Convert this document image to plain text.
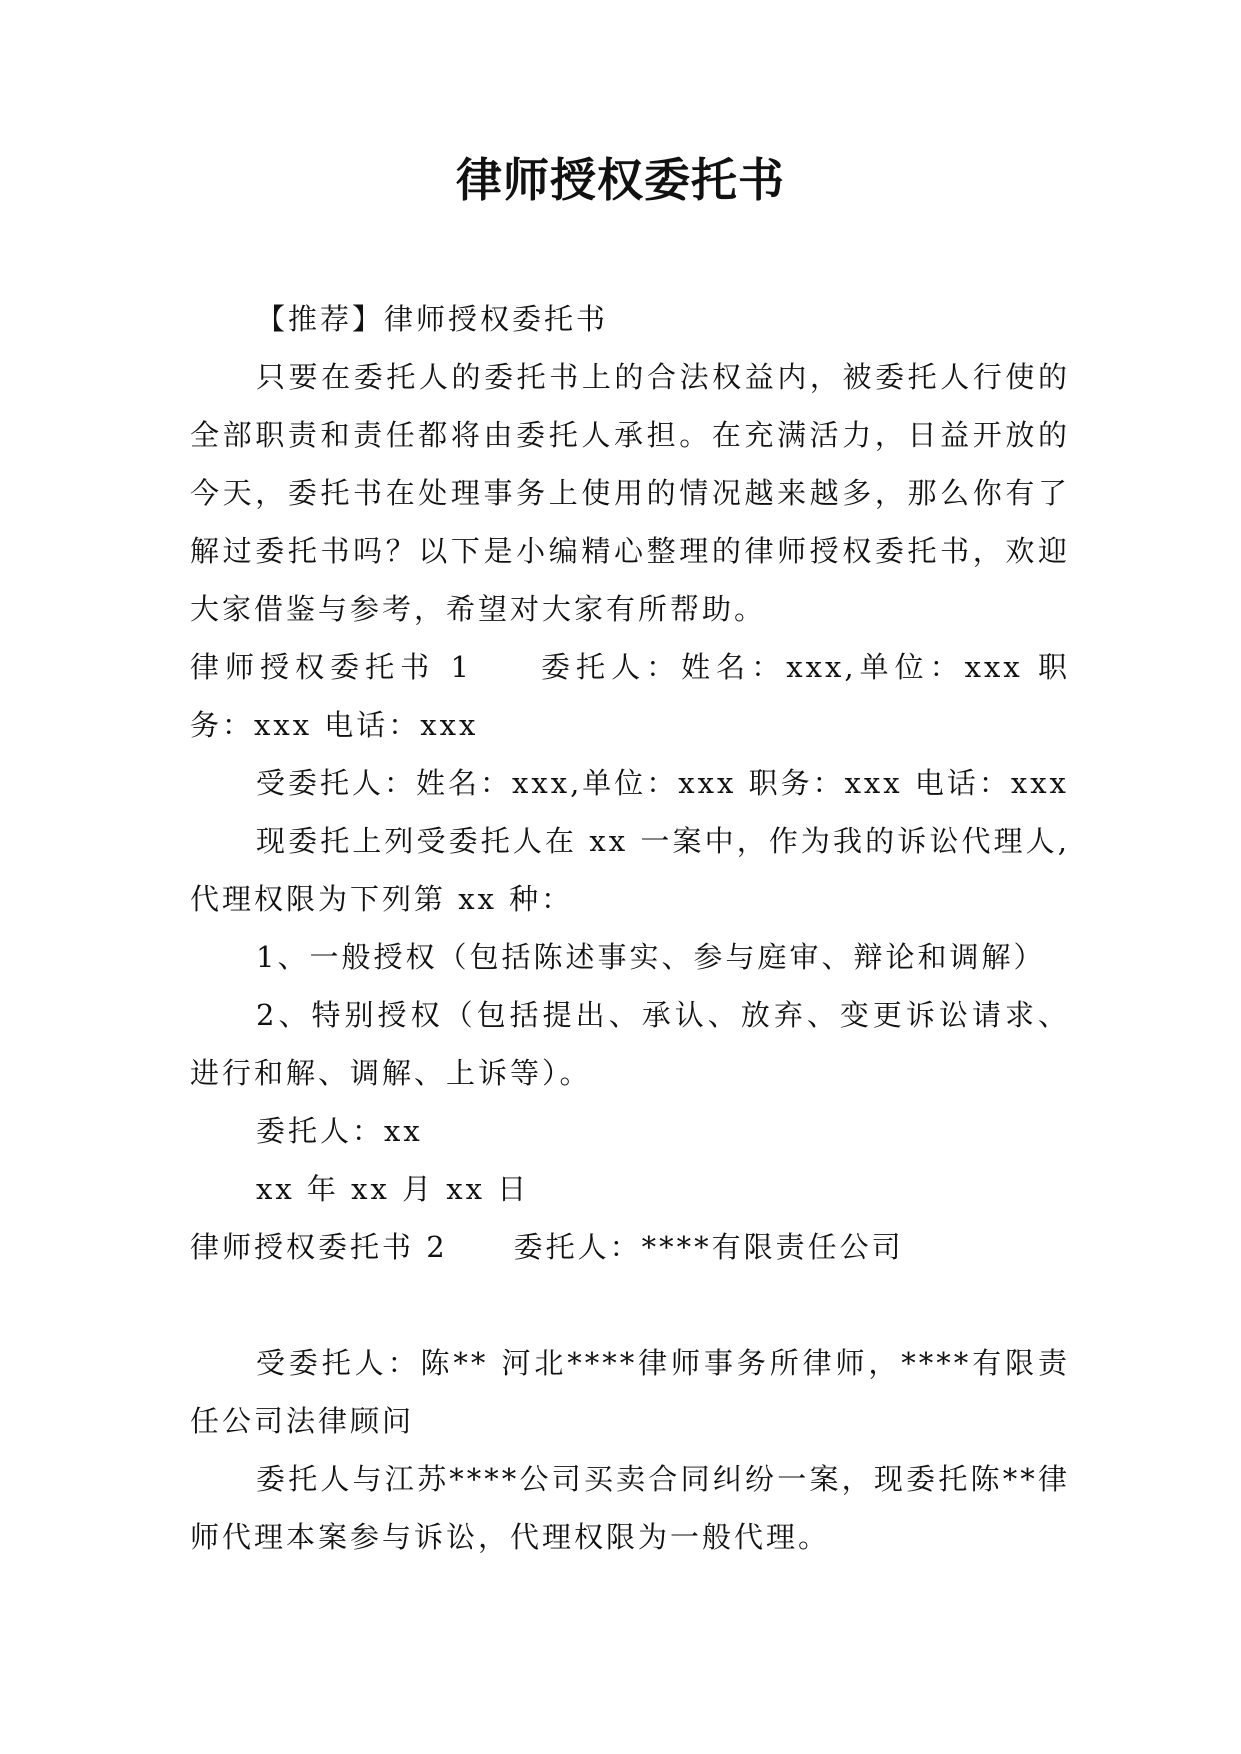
律师授权委托书

【推荐】律师授权委托书

只要在委托人的委托书上的合法权益内，被委托人行使的全部职责和责任都将由委托人承担。在充满活力，日益开放的今天，委托书在处理事务上使用的情况越来越多，那么你有了解过委托书吗？以下是小编精心整理的律师授权委托书，欢迎大家借鉴与参考，希望对大家有所帮助。

律师授权委托书 1 委托人：姓名：xxx,单位：xxx 职务：xxx 电话：xxx

受委托人：姓名：xxx,单位：xxx 职务：xxx 电话：xxx

现委托上列受委托人在 xx 一案中，作为我的诉讼代理人,代理权限为下列第 xx 种：

1、一般授权（包括陈述事实、参与庭审、辩论和调解）

2、特别授权（包括提出、承认、放弃、变更诉讼请求、进行和解、调解、上诉等）。

委托人：xx

xx 年 xx 月 xx 日

律师授权委托书 2 委托人：****有限责任公司

受委托人：陈** 河北****律师事务所律师，****有限责任公司法律顾问

委托人与江苏****公司买卖合同纠纷一案，现委托陈**律师代理本案参与诉讼，代理权限为一般代理。
